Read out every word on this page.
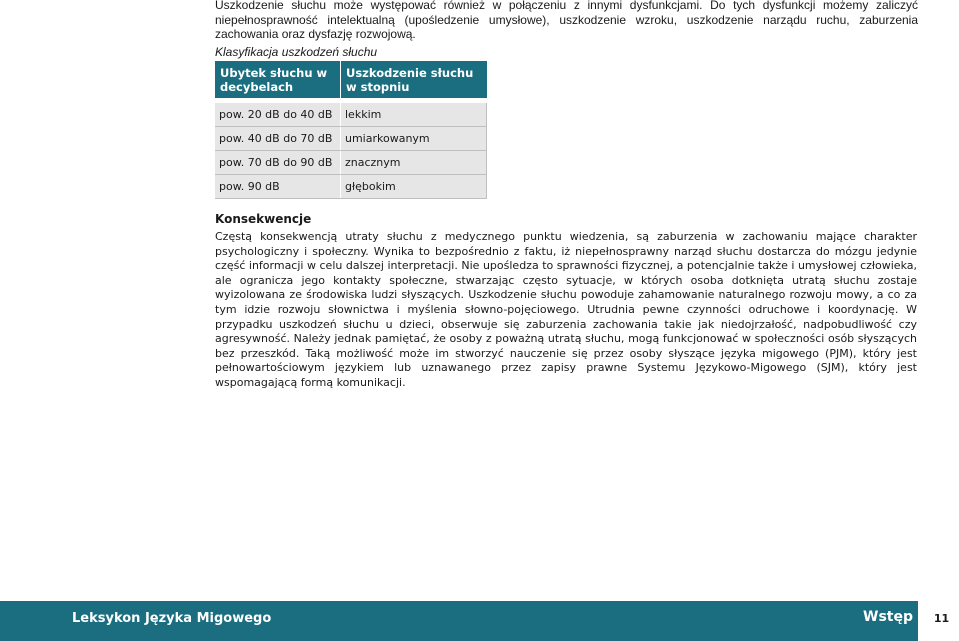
Uszkodzenie słuchu może występować również w połączeniu z innymi dysfunkcjami. Do tych dysfunkcji możemy zaliczyć niepełnosprawność intelektualną (upośledzenie umysłowe), uszkodzenie wzroku, uszkodzenie narządu ruchu, zaburzenia zachowania oraz dysfazję rozwojową.

Klasyfikacja uszkodzeń słuchu

Ubytek słuchu w decybelach	Uszkodzenie słuchu w stopniu

pow. 20 dB do 40 dB	lekkim
pow. 40 dB do 70 dB	umiarkowanym
pow. 70 dB do 90 dB	znacznym
pow. 90 dB	głębokim

Konsekwencje

Częstą konsekwencją utraty słuchu z medycznego punktu wiedzenia, są zaburzenia w zachowaniu mające charakter psychologiczny i społeczny. Wynika to bezpośrednio z faktu, iż niepełnosprawny narząd słuchu dostarcza do mózgu jedynie część informacji w celu dalszej interpretacji. Nie upośledza to sprawności fizycznej, a potencjalnie także i umysłowej człowieka, ale ogranicza jego kontakty społeczne, stwarzając często sytuacje, w których osoba dotknięta utratą słuchu zostaje wyizolowana ze środowiska ludzi słyszących. Uszkodzenie słuchu powoduje zahamowanie naturalnego rozwoju mowy, a co za tym idzie rozwoju słownictwa i myślenia słowno-pojęciowego. Utrudnia pewne czynności odruchowe i koordynację. W przypadku uszkodzeń słuchu u dzieci, obserwuje się zaburzenia zachowania takie jak niedojrzałość, nadpobudliwość czy agresywność. Należy jednak pamiętać, że osoby z poważną utratą słuchu, mogą funkcjonować w społeczności osób słyszących bez przeszkód. Taką możliwość może im stworzyć nauczenie się przez osoby słyszące języka migowego (PJM), który jest pełnowartościowym językiem lub uznawanego przez zapisy prawne Systemu Językowo-Migowego (SJM), który jest wspomagającą formą komunikacji.

Leksykon Języka Migowego	Wstęp	11
